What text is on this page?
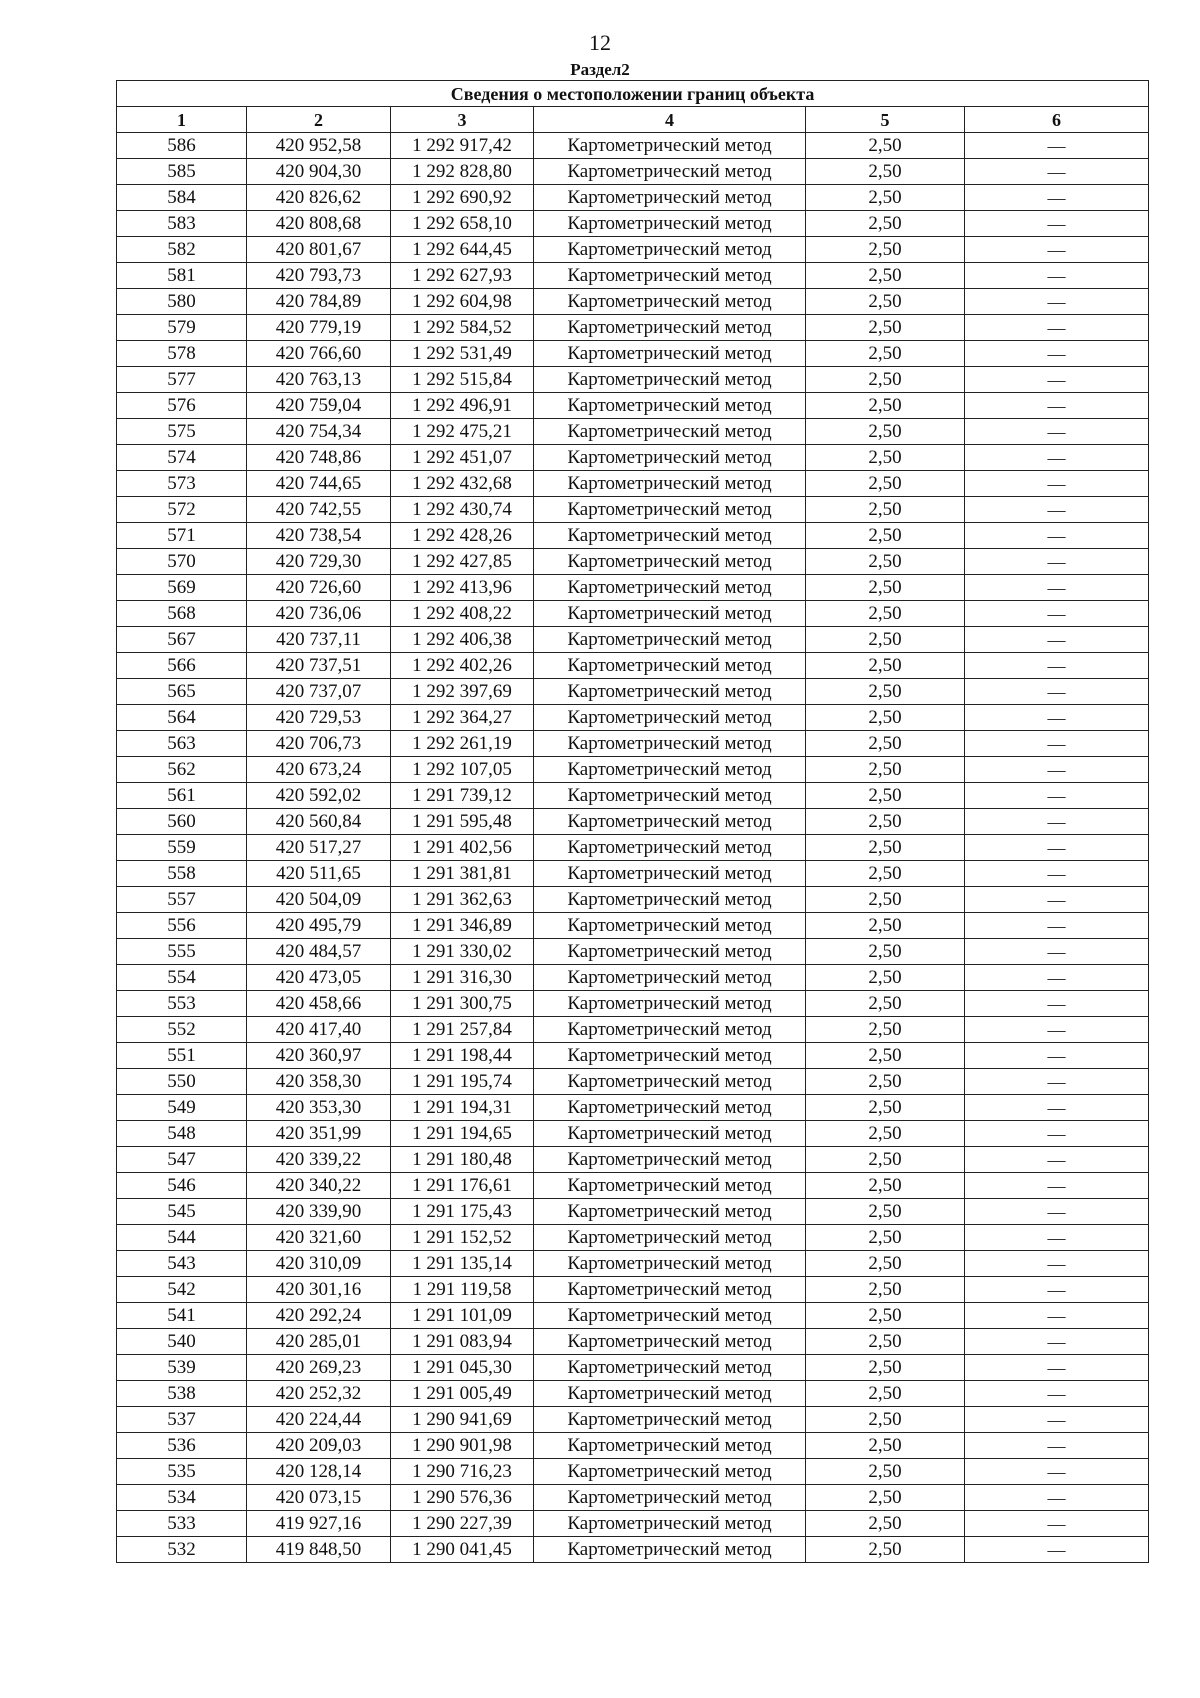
12
Раздел2
Сведения о местоположении границ объекта					
1	2	3	4	5	6
586	420 952,58	1 292 917,42	Картометрический метод	2,50	—
585	420 904,30	1 292 828,80	Картометрический метод	2,50	—
584	420 826,62	1 292 690,92	Картометрический метод	2,50	—
583	420 808,68	1 292 658,10	Картометрический метод	2,50	—
582	420 801,67	1 292 644,45	Картометрический метод	2,50	—
581	420 793,73	1 292 627,93	Картометрический метод	2,50	—
580	420 784,89	1 292 604,98	Картометрический метод	2,50	—
579	420 779,19	1 292 584,52	Картометрический метод	2,50	—
578	420 766,60	1 292 531,49	Картометрический метод	2,50	—
577	420 763,13	1 292 515,84	Картометрический метод	2,50	—
576	420 759,04	1 292 496,91	Картометрический метод	2,50	—
575	420 754,34	1 292 475,21	Картометрический метод	2,50	—
574	420 748,86	1 292 451,07	Картометрический метод	2,50	—
573	420 744,65	1 292 432,68	Картометрический метод	2,50	—
572	420 742,55	1 292 430,74	Картометрический метод	2,50	—
571	420 738,54	1 292 428,26	Картометрический метод	2,50	—
570	420 729,30	1 292 427,85	Картометрический метод	2,50	—
569	420 726,60	1 292 413,96	Картометрический метод	2,50	—
568	420 736,06	1 292 408,22	Картометрический метод	2,50	—
567	420 737,11	1 292 406,38	Картометрический метод	2,50	—
566	420 737,51	1 292 402,26	Картометрический метод	2,50	—
565	420 737,07	1 292 397,69	Картометрический метод	2,50	—
564	420 729,53	1 292 364,27	Картометрический метод	2,50	—
563	420 706,73	1 292 261,19	Картометрический метод	2,50	—
562	420 673,24	1 292 107,05	Картометрический метод	2,50	—
561	420 592,02	1 291 739,12	Картометрический метод	2,50	—
560	420 560,84	1 291 595,48	Картометрический метод	2,50	—
559	420 517,27	1 291 402,56	Картометрический метод	2,50	—
558	420 511,65	1 291 381,81	Картометрический метод	2,50	—
557	420 504,09	1 291 362,63	Картометрический метод	2,50	—
556	420 495,79	1 291 346,89	Картометрический метод	2,50	—
555	420 484,57	1 291 330,02	Картометрический метод	2,50	—
554	420 473,05	1 291 316,30	Картометрический метод	2,50	—
553	420 458,66	1 291 300,75	Картометрический метод	2,50	—
552	420 417,40	1 291 257,84	Картометрический метод	2,50	—
551	420 360,97	1 291 198,44	Картометрический метод	2,50	—
550	420 358,30	1 291 195,74	Картометрический метод	2,50	—
549	420 353,30	1 291 194,31	Картометрический метод	2,50	—
548	420 351,99	1 291 194,65	Картометрический метод	2,50	—
547	420 339,22	1 291 180,48	Картометрический метод	2,50	—
546	420 340,22	1 291 176,61	Картометрический метод	2,50	—
545	420 339,90	1 291 175,43	Картометрический метод	2,50	—
544	420 321,60	1 291 152,52	Картометрический метод	2,50	—
543	420 310,09	1 291 135,14	Картометрический метод	2,50	—
542	420 301,16	1 291 119,58	Картометрический метод	2,50	—
541	420 292,24	1 291 101,09	Картометрический метод	2,50	—
540	420 285,01	1 291 083,94	Картометрический метод	2,50	—
539	420 269,23	1 291 045,30	Картометрический метод	2,50	—
538	420 252,32	1 291 005,49	Картометрический метод	2,50	—
537	420 224,44	1 290 941,69	Картометрический метод	2,50	—
536	420 209,03	1 290 901,98	Картометрический метод	2,50	—
535	420 128,14	1 290 716,23	Картометрический метод	2,50	—
534	420 073,15	1 290 576,36	Картометрический метод	2,50	—
533	419 927,16	1 290 227,39	Картометрический метод	2,50	—
532	419 848,50	1 290 041,45	Картометрический метод	2,50	—
